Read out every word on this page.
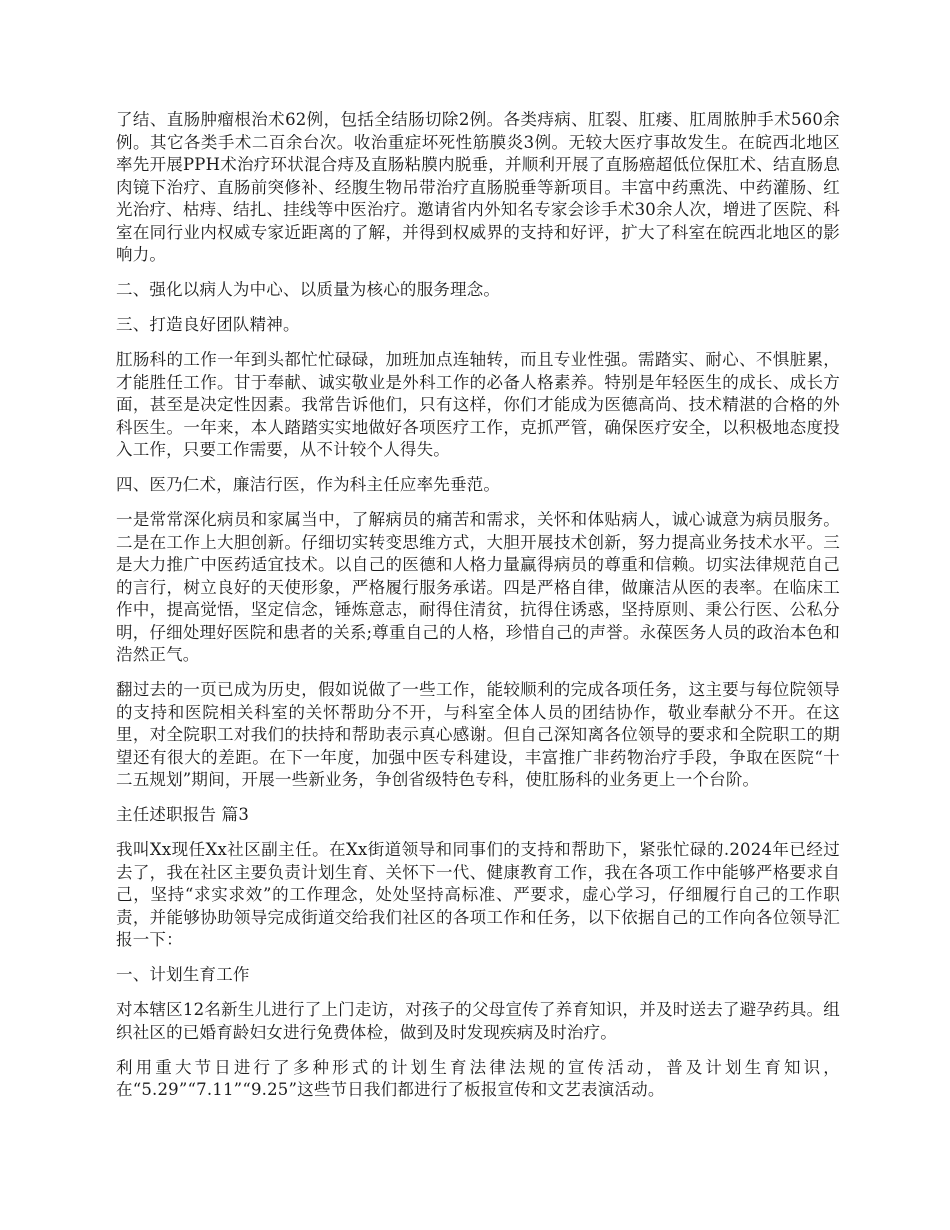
了结、直肠肿瘤根治术62例，包括全结肠切除2例。各类痔病、肛裂、肛瘘、肛周脓肿手术560余例。其它各类手术二百余台次。收治重症坏死性筋膜炎3例。无较大医疗事故发生。在皖西北地区率先开展PPH术治疗环状混合痔及直肠粘膜内脱垂，并顺利开展了直肠癌超低位保肛术、结直肠息肉镜下治疗、直肠前突修补、经腹生物吊带治疗直肠脱垂等新项目。丰富中药熏洗、中药灌肠、红光治疗、枯痔、结扎、挂线等中医治疗。邀请省内外知名专家会诊手术30余人次，增进了医院、科室在同行业内权威专家近距离的了解，并得到权威界的支持和好评，扩大了科室在皖西北地区的影响力。

二、强化以病人为中心、以质量为核心的服务理念。

三、打造良好团队精神。

肛肠科的工作一年到头都忙忙碌碌，加班加点连轴转，而且专业性强。需踏实、耐心、不惧脏累，才能胜任工作。甘于奉献、诚实敬业是外科工作的必备人格素养。特别是年轻医生的成长、成长方面，甚至是决定性因素。我常告诉他们，只有这样，你们才能成为医德高尚、技术精湛的合格的外科医生。一年来，本人踏踏实实地做好各项医疗工作，克抓严管，确保医疗安全，以积极地态度投入工作，只要工作需要，从不计较个人得失。

四、医乃仁术，廉洁行医，作为科主任应率先垂范。

一是常常深化病员和家属当中，了解病员的痛苦和需求，关怀和体贴病人，诚心诚意为病员服务。二是在工作上大胆创新。仔细切实转变思维方式，大胆开展技术创新，努力提高业务技术水平。三是大力推广中医药适宜技术。以自己的医德和人格力量赢得病员的尊重和信赖。切实法律规范自己的言行，树立良好的天使形象，严格履行服务承诺。四是严格自律，做廉洁从医的表率。在临床工作中，提高觉悟，坚定信念，锤炼意志，耐得住清贫，抗得住诱惑，坚持原则、秉公行医、公私分明，仔细处理好医院和患者的关系;尊重自己的人格，珍惜自己的声誉。永葆医务人员的政治本色和浩然正气。

翻过去的一页已成为历史，假如说做了一些工作，能较顺利的完成各项任务，这主要与每位院领导的支持和医院相关科室的关怀帮助分不开，与科室全体人员的团结协作，敬业奉献分不开。在这里，对全院职工对我们的扶持和帮助表示真心感谢。但自己深知离各位领导的要求和全院职工的期望还有很大的差距。在下一年度，加强中医专科建设，丰富推广非药物治疗手段，争取在医院“十二五规划”期间，开展一些新业务，争创省级特色专科，使肛肠科的业务更上一个台阶。

主任述职报告 篇3

我叫Xx现任Xx社区副主任。在Xx街道领导和同事们的支持和帮助下，紧张忙碌的.2024年已经过去了，我在社区主要负责计划生育、关怀下一代、健康教育工作，我在各项工作中能够严格要求自己，坚持“求实求效”的工作理念，处处坚持高标准、严要求，虚心学习，仔细履行自己的工作职责，并能够协助领导完成街道交给我们社区的各项工作和任务，以下依据自己的工作向各位领导汇报一下：

一、计划生育工作

对本辖区12名新生儿进行了上门走访，对孩子的父母宣传了养育知识，并及时送去了避孕药具。组织社区的已婚育龄妇女进行免费体检，做到及时发现疾病及时治疗。

利用重大节日进行了多种形式的计划生育法律法规的宣传活动，普及计划生育知识，在“5.29”“7.11”“9.25”这些节日我们都进行了板报宣传和文艺表演活动。
